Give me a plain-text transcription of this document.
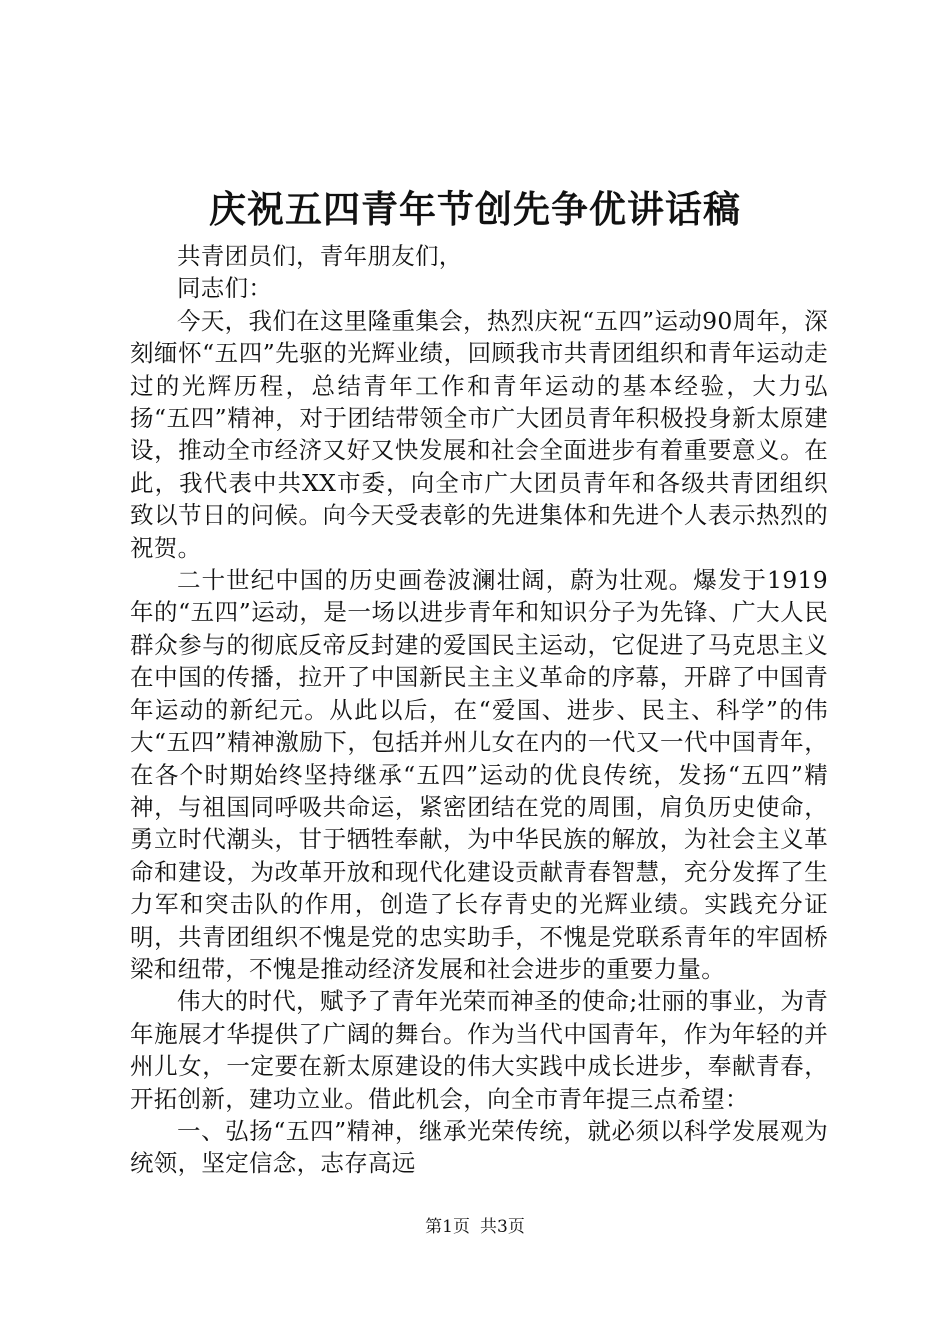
庆祝五四青年节创先争优讲话稿

共青团员们，青年朋友们，

同志们：

今天，我们在这里隆重集会，热烈庆祝“五四”运动90周年，深刻缅怀“五四”先驱的光辉业绩，回顾我市共青团组织和青年运动走过的光辉历程，总结青年工作和青年运动的基本经验，大力弘扬“五四”精神，对于团结带领全市广大团员青年积极投身新太原建设，推动全市经济又好又快发展和社会全面进步有着重要意义。在此，我代表中共XX市委，向全市广大团员青年和各级共青团组织致以节日的问候。向今天受表彰的先进集体和先进个人表示热烈的祝贺。

二十世纪中国的历史画卷波澜壮阔，蔚为壮观。爆发于1919年的“五四”运动，是一场以进步青年和知识分子为先锋、广大人民群众参与的彻底反帝反封建的爱国民主运动，它促进了马克思主义在中国的传播，拉开了中国新民主主义革命的序幕，开辟了中国青年运动的新纪元。从此以后，在“爱国、进步、民主、科学”的伟大“五四”精神激励下，包括并州儿女在内的一代又一代中国青年，在各个时期始终坚持继承“五四”运动的优良传统，发扬“五四”精神，与祖国同呼吸共命运，紧密团结在党的周围，肩负历史使命，勇立时代潮头，甘于牺牲奉献，为中华民族的解放，为社会主义革命和建设，为改革开放和现代化建设贡献青春智慧，充分发挥了生力军和突击队的作用，创造了长存青史的光辉业绩。实践充分证明，共青团组织不愧是党的忠实助手，不愧是党联系青年的牢固桥梁和纽带，不愧是推动经济发展和社会进步的重要力量。

伟大的时代，赋予了青年光荣而神圣的使命;壮丽的事业，为青年施展才华提供了广阔的舞台。作为当代中国青年，作为年轻的并州儿女，一定要在新太原建设的伟大实践中成长进步，奉献青春，开拓创新，建功立业。借此机会，向全市青年提三点希望：

一、弘扬“五四”精神，继承光荣传统，就必须以科学发展观为统领，坚定信念，志存高远

第1页 共3页
